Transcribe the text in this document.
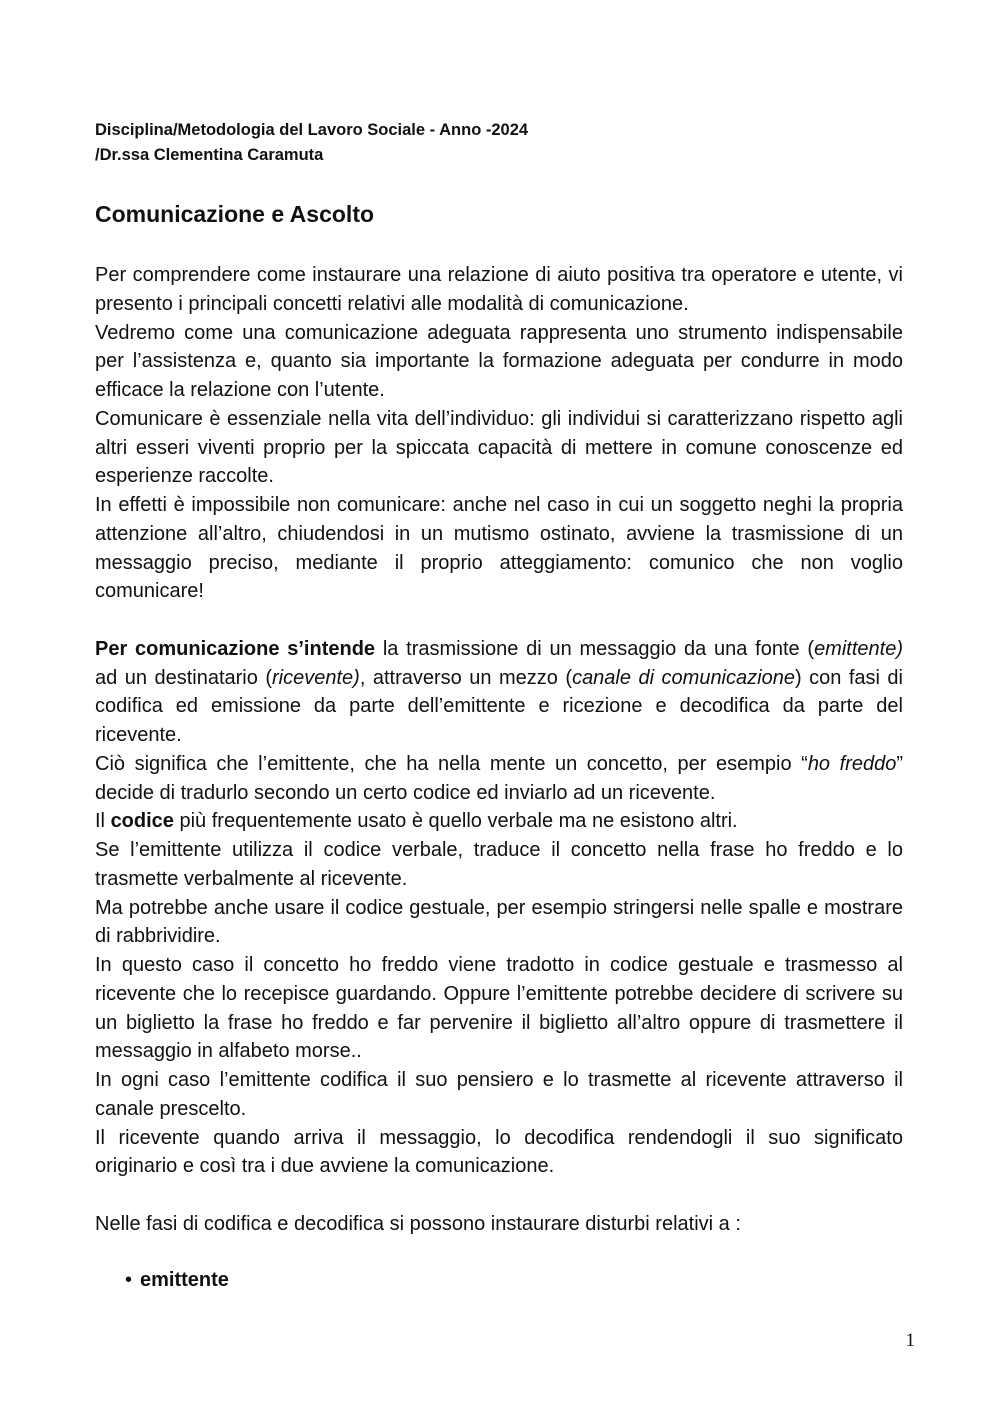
Disciplina/Metodologia del Lavoro Sociale - Anno -2024

/Dr.ssa Clementina Caramuta

Comunicazione e Ascolto

Per comprendere come instaurare una relazione di aiuto positiva tra operatore e utente, vi presento i principali concetti relativi alle modalità di comunicazione.

Vedremo come una comunicazione adeguata rappresenta uno strumento indispensabile per l’assistenza e, quanto sia importante la formazione adeguata per condurre in modo efficace la relazione con l’utente.

Comunicare è essenziale nella vita dell’individuo: gli individui si caratterizzano rispetto agli altri esseri viventi proprio per la spiccata capacità di mettere in comune conoscenze ed esperienze raccolte.

In effetti è impossibile non comunicare: anche nel caso in cui un soggetto neghi la propria attenzione all’altro, chiudendosi in un mutismo ostinato, avviene la trasmissione di un messaggio preciso, mediante il proprio atteggiamento: comunico che non voglio comunicare!

Per comunicazione s’intende la trasmissione di un messaggio da una fonte (emittente) ad un destinatario (ricevente), attraverso un mezzo (canale di comunicazione) con fasi di codifica ed emissione da parte dell’emittente e ricezione e decodifica da parte del ricevente.

Ciò significa che l’emittente, che ha nella mente un concetto, per esempio “ho freddo” decide di tradurlo secondo un certo codice ed inviarlo ad un ricevente.

Il codice più frequentemente usato è quello verbale ma ne esistono altri.

Se l’emittente utilizza il codice verbale, traduce il concetto nella frase ho freddo e lo trasmette verbalmente al ricevente.

Ma potrebbe anche usare il codice gestuale, per esempio stringersi nelle spalle e mostrare di rabbrividire.

In questo caso il concetto ho freddo viene tradotto in codice gestuale e trasmesso al ricevente che lo recepisce guardando. Oppure l’emittente potrebbe decidere di scrivere su un biglietto la frase ho freddo e far pervenire il biglietto all’altro oppure di trasmettere il messaggio in alfabeto morse..

In ogni caso l’emittente codifica il suo pensiero e lo trasmette al ricevente attraverso il canale prescelto.

Il ricevente quando arriva il messaggio, lo decodifica rendendogli il suo significato originario e così tra i due avviene la comunicazione.

Nelle fasi di codifica e decodifica si possono instaurare disturbi relativi a :

• emittente
1
